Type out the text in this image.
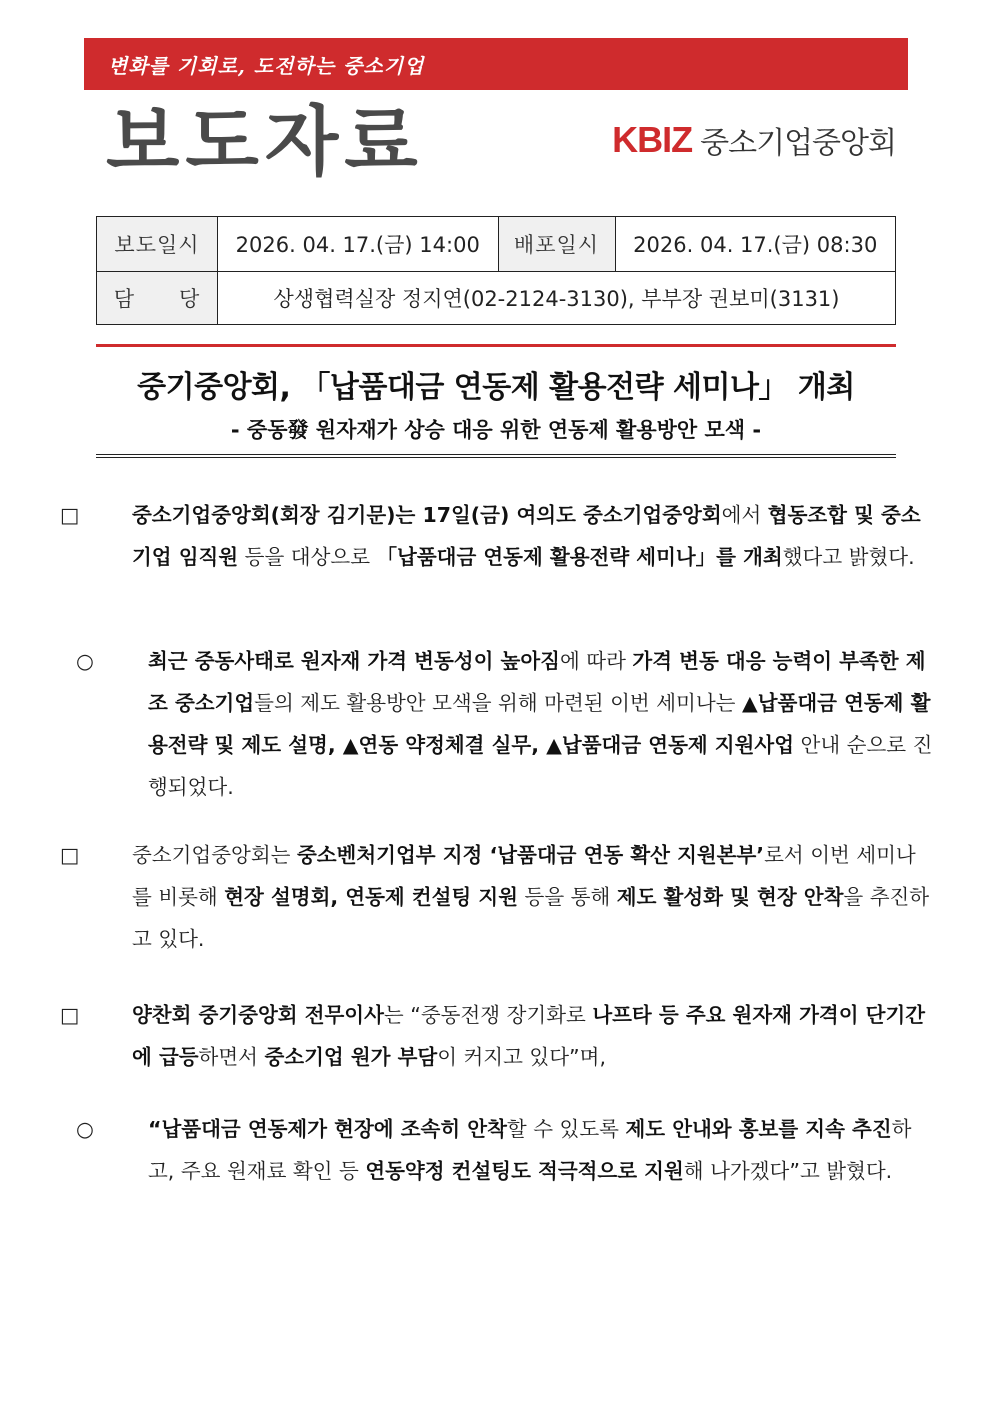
변화를 기회로, 도전하는 중소기업
보도자료	KBIZ 중소기업중앙회
보도일시	2026. 04. 17.(금) 14:00	배포일시	2026. 04. 17.(금) 08:30
담　　당	상생협력실장 정지연(02-2124-3130), 부부장 권보미(3131)		
중기중앙회, 「납품대금 연동제 활용전략 세미나」 개최
- 중동發 원자재가 상승 대응 위한 연동제 활용방안 모색 -
□	중소기업중앙회(회장 김기문)는 17일(금) 여의도 중소기업중앙회에서 협동조합 및 중소기업 임직원 등을 대상으로 「납품대금 연동제 활용전략 세미나」를 개최했다고 밝혔다.
○	최근 중동사태로 원자재 가격 변동성이 높아짐에 따라 가격 변동 대응 능력이 부족한 제조 중소기업들의 제도 활용방안 모색을 위해 마련된 이번 세미나는 ▲납품대금 연동제 활용전략 및 제도 설명, ▲연동 약정체결 실무, ▲납품대금 연동제 지원사업 안내 순으로 진행되었다.
□	중소기업중앙회는 중소벤처기업부 지정 ‘납품대금 연동 확산 지원본부’로서 이번 세미나를 비롯해 현장 설명회, 연동제 컨설팅 지원 등을 통해 제도 활성화 및 현장 안착을 추진하고 있다.
□	양찬회 중기중앙회 전무이사는 “중동전쟁 장기화로 나프타 등 주요 원자재 가격이 단기간에 급등하면서 중소기업 원가 부담이 커지고 있다”며,
○	“납품대금 연동제가 현장에 조속히 안착할 수 있도록 제도 안내와 홍보를 지속 추진하고, 주요 원재료 확인 등 연동약정 컨설팅도 적극적으로 지원해 나가겠다”고 밝혔다.
